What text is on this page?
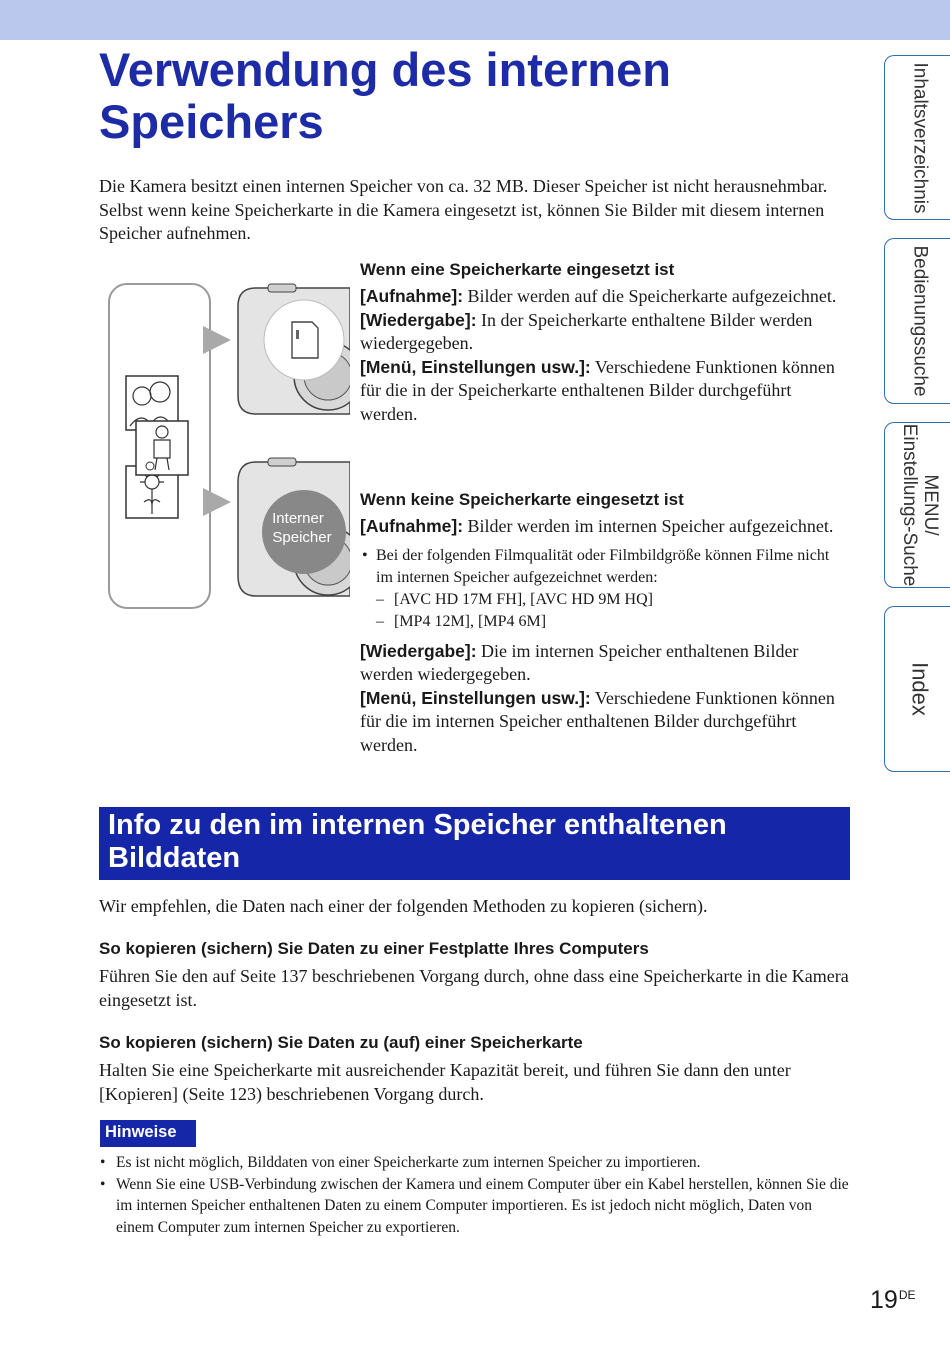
Verwendung des internen Speichers

Die Kamera besitzt einen internen Speicher von ca. 32 MB. Dieser Speicher ist nicht herausnehmbar. Selbst wenn keine Speicherkarte in die Kamera eingesetzt ist, können Sie Bilder mit diesem internen Speicher aufnehmen.

Interner
Speicher

Wenn eine Speicherkarte eingesetzt ist

[Aufnahme]: Bilder werden auf die Speicherkarte aufgezeichnet.

[Wiedergabe]: In der Speicherkarte enthaltene Bilder werden wiedergegeben.

[Menü, Einstellungen usw.]: Verschiedene Funktionen können für die in der Speicherkarte enthaltenen Bilder durchgeführt werden.

Wenn keine Speicherkarte eingesetzt ist

[Aufnahme]: Bilder werden im internen Speicher aufgezeichnet.

• Bei der folgenden Filmqualität oder Filmbildgröße können Filme nicht im internen Speicher aufgezeichnet werden:

– [AVC HD 17M FH], [AVC HD 9M HQ]

– [MP4 12M], [MP4 6M]

[Wiedergabe]: Die im internen Speicher enthaltenen Bilder werden wiedergegeben.

[Menü, Einstellungen usw.]: Verschiedene Funktionen können für die im internen Speicher enthaltenen Bilder durchgeführt werden.

Info zu den im internen Speicher enthaltenen Bilddaten

Wir empfehlen, die Daten nach einer der folgenden Methoden zu kopieren (sichern).

So kopieren (sichern) Sie Daten zu einer Festplatte Ihres Computers

Führen Sie den auf Seite 137 beschriebenen Vorgang durch, ohne dass eine Speicherkarte in die Kamera eingesetzt ist.

So kopieren (sichern) Sie Daten zu (auf) einer Speicherkarte

Halten Sie eine Speicherkarte mit ausreichender Kapazität bereit, und führen Sie dann den unter [Kopieren] (Seite 123) beschriebenen Vorgang durch.

Hinweise

• Es ist nicht möglich, Bilddaten von einer Speicherkarte zum internen Speicher zu importieren.

• Wenn Sie eine USB-Verbindung zwischen der Kamera und einem Computer über ein Kabel herstellen, können Sie die im internen Speicher enthaltenen Daten zu einem Computer importieren. Es ist jedoch nicht möglich, Daten von einem Computer zum internen Speicher zu exportieren.

19DE
Inhaltsverzeichnis
Bedienungssuche
MENU/
Einstellungs-Suche
Index
